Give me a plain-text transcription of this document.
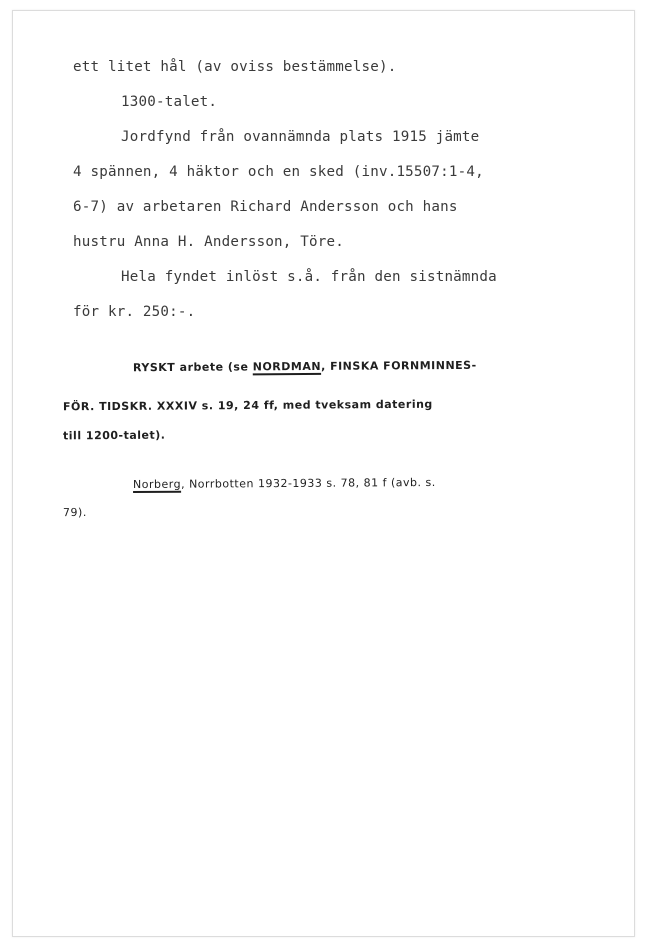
ett litet hål (av oviss bestämmelse).
1300-talet.
Jordfynd från ovannämnda plats 1915 jämte
4 spännen, 4 häktor och en sked (inv.15507:1-4,
6-7) av arbetaren Richard Andersson och hans
hustru Anna H. Andersson, Töre.
Hela fyndet inlöst s.å. från den sistnämnda
för kr. 250:-.
RYSKT arbete (se NORDMAN, FINSKA FORNMINNES-
FÖR. TIDSKR. XXXIV s. 19, 24 ff, med tveksam datering
till 1200-talet).
Norberg, Norrbotten 1932-1933 s. 78, 81 f (avb. s.
79).
